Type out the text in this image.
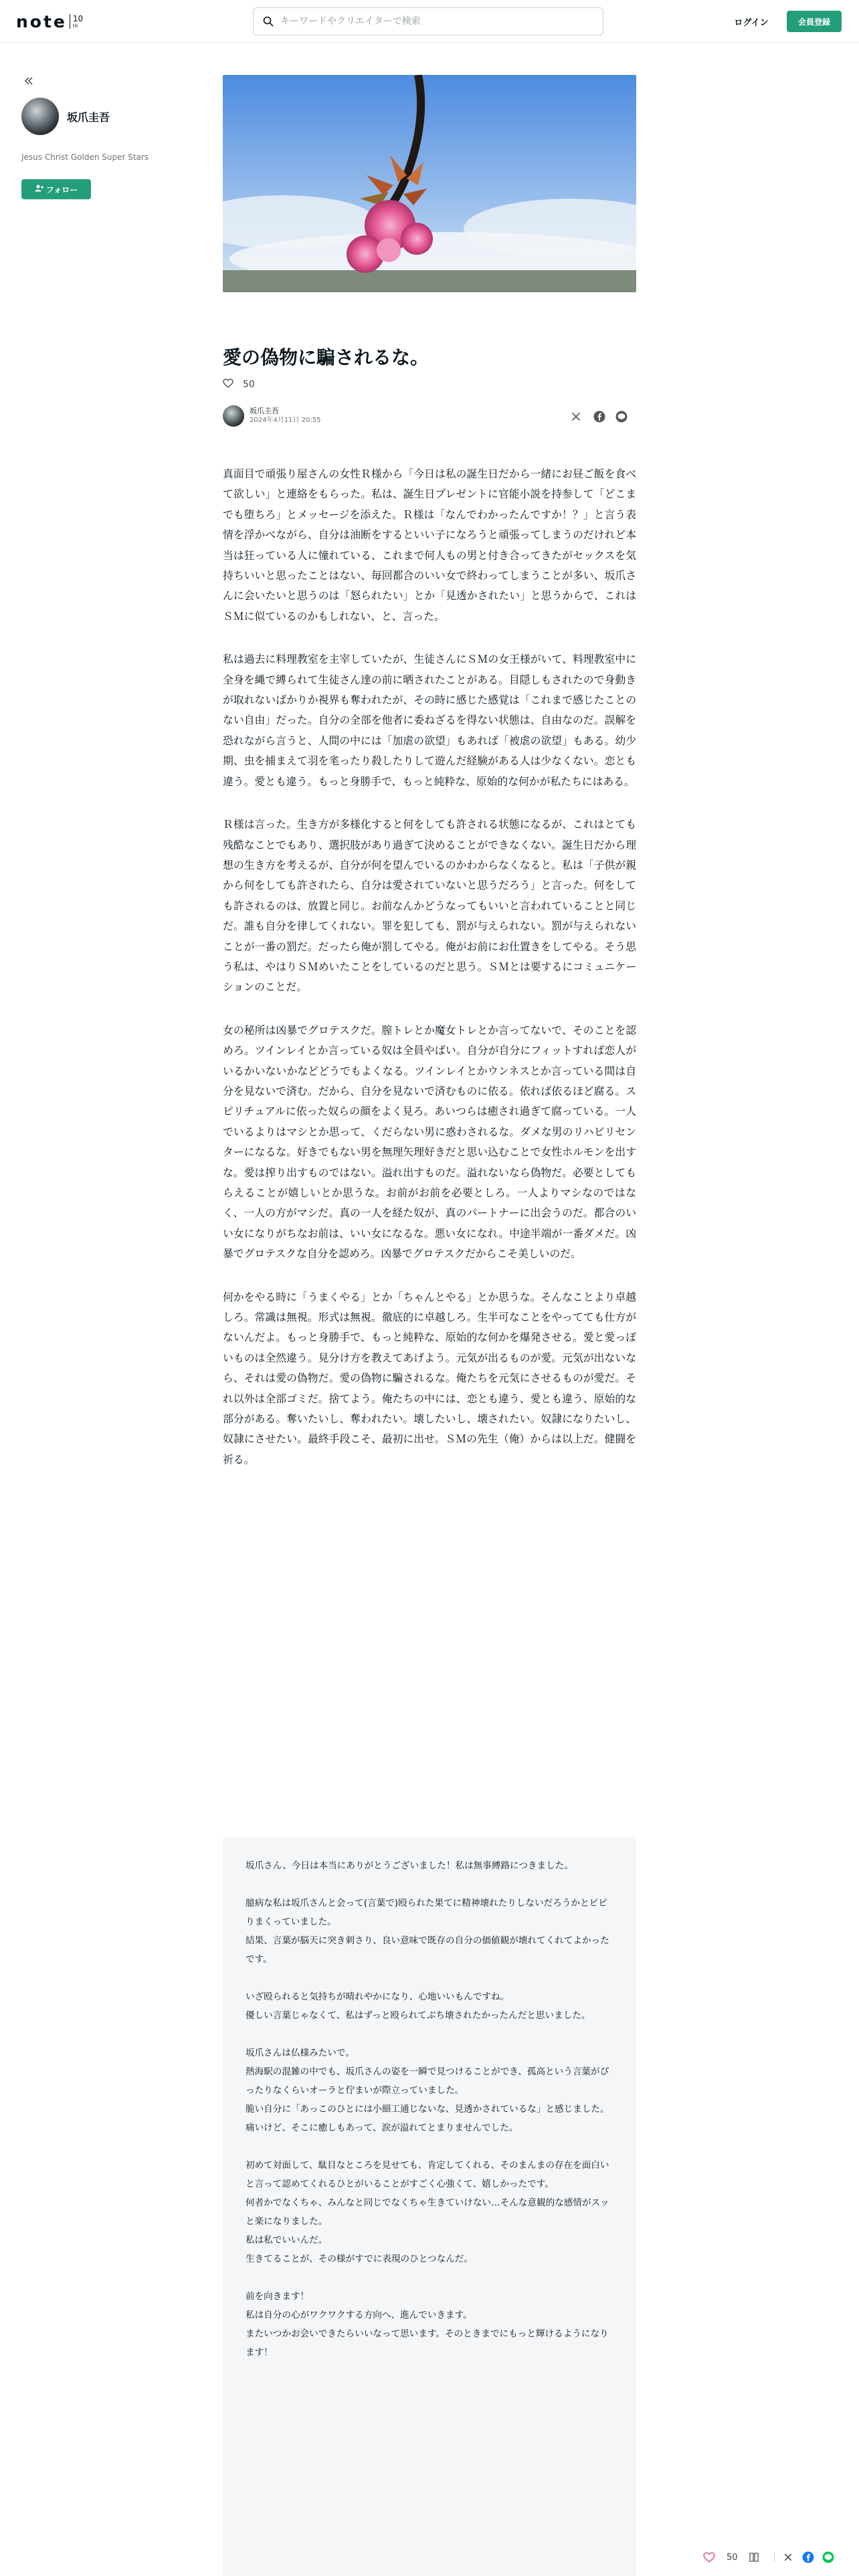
note 10
th
キーワードやクリエイターで検索	ログイン	会員登録
坂爪圭吾
Jesus Christ Golden Super Stars
フォロー
愛の偽物に騙されるな。
50
坂爪圭吾
2024年4月11日 20:55

真面目で頑張り屋さんの女性Ｒ様から「今日は私の誕生日だから一緒にお昼ご飯を食べて欲しい」と連絡をもらった。私は、誕生日プレゼントに官能小説を持参して「どこまでも堕ちろ」とメッセージを添えた。Ｒ様は「なんでわかったんですか！？」と言う表情を浮かべながら、自分は油断をするといい子になろうと頑張ってしまうのだけれど本当は狂っている人に憧れている、これまで何人もの男と付き合ってきたがセックスを気持ちいいと思ったことはない、毎回都合のいい女で終わってしまうことが多い、坂爪さんに会いたいと思うのは「怒られたい」とか「見透かされたい」と思うからで、これはＳＭに似ているのかもしれない、と、言った。

私は過去に料理教室を主宰していたが、生徒さんにＳＭの女王様がいて、料理教室中に全身を縄で縛られて生徒さん達の前に晒されたことがある。目隠しもされたので身動きが取れないばかりか視界も奪われたが、その時に感じた感覚は「これまで感じたことのない自由」だった。自分の全部を他者に委ねざるを得ない状態は、自由なのだ。誤解を恐れながら言うと、人間の中には「加虐の欲望」もあれば「被虐の欲望」もある。幼少期、虫を捕まえて羽を毟ったり殺したりして遊んだ経験がある人は少なくない。恋とも違う。愛とも違う。もっと身勝手で、もっと純粋な、原始的な何かが私たちにはある。

Ｒ様は言った。生き方が多様化すると何をしても許される状態になるが、これはとても残酷なことでもあり、選択肢があり過ぎて決めることができなくない。誕生日だから理想の生き方を考えるが、自分が何を望んでいるのかわからなくなると。私は「子供が親から何をしても許されたら、自分は愛されていないと思うだろう」と言った。何をしても許されるのは、放置と同じ。お前なんかどうなってもいいと言われていることと同じだ。誰も自分を律してくれない。罪を犯しても、罰が与えられない。罰が与えられないことが一番の罰だ。だったら俺が罰してやる。俺がお前にお仕置きをしてやる。そう思う私は、やはりＳＭめいたことをしているのだと思う。ＳＭとは要するにコミュニケーションのことだ。

女の秘所は凶暴でグロテスクだ。膣トレとか魔女トレとか言ってないで、そのことを認めろ。ツインレイとか言っている奴は全員やばい。自分が自分にフィットすれば恋人がいるかいないかなどどうでもよくなる。ツインレイとかウンネスとか言っている間は自分を見ないで済む。だから、自分を見ないで済むものに依る。依れば依るほど腐る。スピリチュアルに依った奴らの顔をよく見ろ。あいつらは癒され過ぎて腐っている。一人でいるよりはマシとか思って、くだらない男に惑わされるな。ダメな男のリハビリセンターになるな。好きでもない男を無理矢理好きだと思い込むことで女性ホルモンを出すな。愛は搾り出すものではない。溢れ出すものだ。溢れないなら偽物だ。必要としてもらえることが嬉しいとか思うな。お前がお前を必要としろ。一人よりマシなのではなく、一人の方がマシだ。真の一人を経た奴が、真のパートナーに出会うのだ。都合のいい女になりがちなお前は、いい女になるな。悪い女になれ。中途半端が一番ダメだ。凶暴でグロテスクな自分を認めろ。凶暴でグロテスクだからこそ美しいのだ。

何かをやる時に「うまくやる」とか「ちゃんとやる」とか思うな。そんなことより卓越しろ。常識は無視。形式は無視。徹底的に卓越しろ。生半可なことをやってても仕方がないんだよ。もっと身勝手で、もっと純粋な、原始的な何かを爆発させる。愛と愛っぽいものは全然違う。見分け方を教えてあげよう。元気が出るものが愛。元気が出ないなら、それは愛の偽物だ。愛の偽物に騙されるな。俺たちを元気にさせるものが愛だ。それ以外は全部ゴミだ。捨てよう。俺たちの中には、恋とも違う、愛とも違う、原始的な部分がある。奪いたいし、奪われたい。壊したいし、壊されたい。奴隷になりたいし、奴隷にさせたい。最終手段こそ、最初に出せ。ＳＭの先生（俺）からは以上だ。健闘を祈る。

坂爪さん、今日は本当にありがとうございました！私は無事縛路につきました。
臆病な私は坂爪さんと会って(言葉で)殴られた果てに精神壊れたりしないだろうかとビビりまくっていました。
結果、言葉が脳天に突き刺さり、良い意味で既存の自分の価値観が壊れてくれてよかったです。
いざ殴られると気持ちが晴れやかになり、心地いいもんですね。
優しい言葉じゃなくて、私はずっと殴られてぶち壊されたかったんだと思いました。
坂爪さんは仏様みたいで。
熱海駅の混雑の中でも、坂爪さんの姿を一瞬で見つけることができ、孤高という言葉がぴったりなくらいオーラと佇まいが際立っていました。
脆い自分に「あっこのひとには小細工通じないな、見透かされているな」と感じました。
痛いけど、そこに癒しもあって、涙が溢れてとまりませんでした。
初めて対面して、駄目なところを見せても、肯定してくれる、そのまんまの存在を面白いと言って認めてくれるひとがいることがすごく心強くて、嬉しかったです。
何者かでなくちゃ、みんなと同じでなくちゃ生きていけない…そんな意観的な感情がスッと楽になりました。
私は私でいいんだ。
生きてることが、その様がすでに表現のひとつなんだ。
前を向きます！
私は自分の心がワクワクする方向へ、進んでいきます。
またいつかお会いできたらいいなって思います。そのときまでにもっと輝けるようになります！
50
